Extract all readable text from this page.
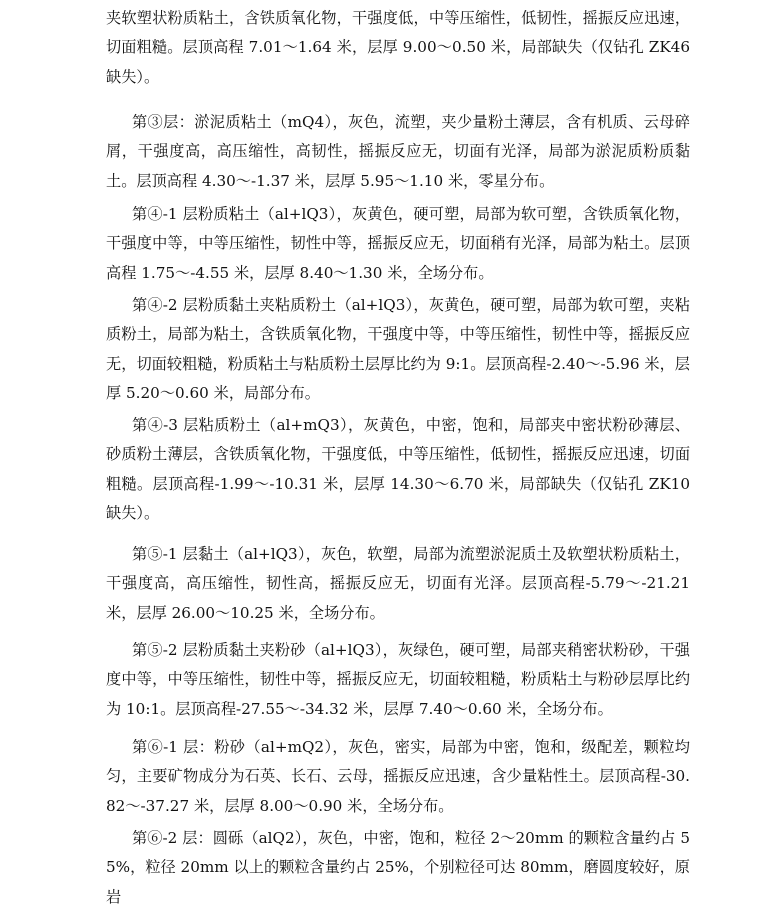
夹软塑状粉质粘土，含铁质氧化物，干强度低，中等压缩性，低韧性，摇振反应迅速，切面粗糙。层顶高程 7.01～1.64 米，层厚 9.00～0.50 米，局部缺失（仅钻孔 ZK46 缺失）。

第③层：淤泥质粘土（mQ4），灰色，流塑，夹少量粉土薄层，含有机质、云母碎屑，干强度高，高压缩性，高韧性，摇振反应无，切面有光泽，局部为淤泥质粉质黏土。层顶高程 4.30～-1.37 米，层厚 5.95～1.10 米，零星分布。

第④-1 层粉质粘土（al+lQ3），灰黄色，硬可塑，局部为软可塑，含铁质氧化物，干强度中等，中等压缩性，韧性中等，摇振反应无，切面稍有光泽，局部为粘土。层顶高程 1.75～-4.55 米，层厚 8.40～1.30 米，全场分布。

第④-2 层粉质黏土夹粘质粉土（al+lQ3），灰黄色，硬可塑，局部为软可塑，夹粘质粉土，局部为粘土，含铁质氧化物，干强度中等，中等压缩性，韧性中等，摇振反应无，切面较粗糙，粉质粘土与粘质粉土层厚比约为 9:1。层顶高程-2.40～-5.96 米，层厚 5.20～0.60 米，局部分布。

第④-3 层粘质粉土（al+mQ3），灰黄色，中密，饱和，局部夹中密状粉砂薄层、砂质粉土薄层，含铁质氧化物，干强度低，中等压缩性，低韧性，摇振反应迅速，切面粗糙。层顶高程-1.99～-10.31 米，层厚 14.30～6.70 米，局部缺失（仅钻孔 ZK10 缺失）。

第⑤-1 层黏土（al+lQ3），灰色，软塑，局部为流塑淤泥质土及软塑状粉质粘土，干强度高，高压缩性，韧性高，摇振反应无，切面有光泽。层顶高程-5.79～-21.21 米，层厚 26.00～10.25 米，全场分布。

第⑤-2 层粉质黏土夹粉砂（al+lQ3），灰绿色，硬可塑，局部夹稍密状粉砂，干强度中等，中等压缩性，韧性中等，摇振反应无，切面较粗糙，粉质粘土与粉砂层厚比约为 10:1。层顶高程-27.55～-34.32 米，层厚 7.40～0.60 米，全场分布。

第⑥-1 层：粉砂（al+mQ2），灰色，密实，局部为中密，饱和，级配差，颗粒均匀，主要矿物成分为石英、长石、云母，摇振反应迅速，含少量粘性土。层顶高程-30.82～-37.27 米，层厚 8.00～0.90 米，全场分布。

第⑥-2 层：圆砾（alQ2），灰色，中密，饱和，粒径 2～20mm 的颗粒含量约占 55%，粒径 20mm 以上的颗粒含量约占 25%，个别粒径可达 80mm，磨圆度较好，原岩
